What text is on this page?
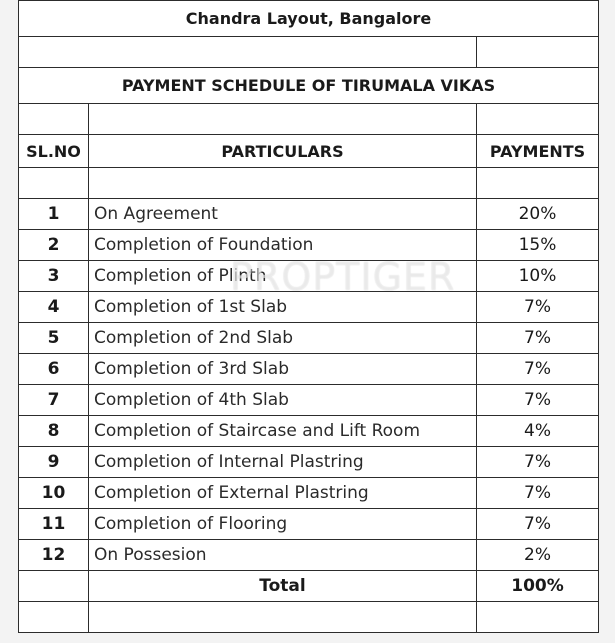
Chandra Layout, Bangalore		

PAYMENT SCHEDULE OF TIRUMALA VIKAS		

SL.NO	PARTICULARS	PAYMENTS

1	On Agreement	20%
2	Completion of Foundation	15%
3	Completion of Plinth	10%
4	Completion of 1st Slab	7%
5	Completion of 2nd Slab	7%
6	Completion of 3rd Slab	7%
7	Completion of 4th Slab	7%
8	Completion of Staircase and Lift Room	4%
9	Completion of Internal Plastring	7%
10	Completion of External Plastring	7%
11	Completion of Flooring	7%
12	On Possesion	2%
	Total	100%

PROPTIGER
